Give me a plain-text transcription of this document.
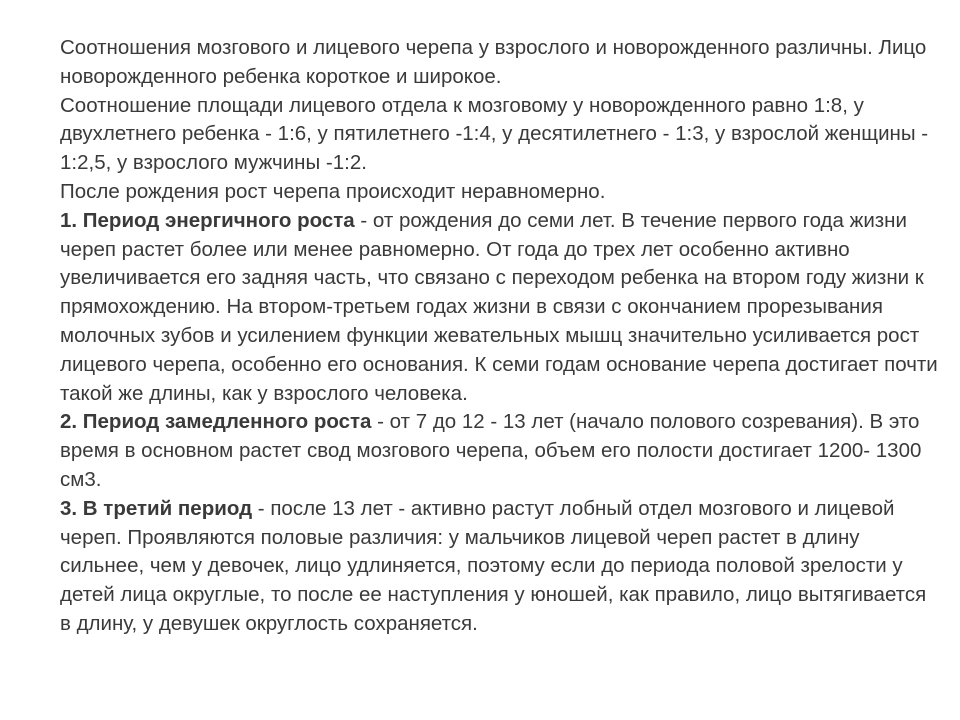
Соотношения мозгового и лицевого черепа у взрослого и новорожденного различны. Лицо новорожденного ребенка короткое и широкое.

Соотношение площади лицевого отдела к мозговому у новорожденного равно 1:8, у двухлетнего ребенка - 1:6, у пятилетнего -1:4, у десятилетнего - 1:3, у взрослой женщины - 1:2,5, у взрослого мужчины -1:2.

После рождения рост черепа происходит неравномерно.

1. Период энергичного роста - от рождения до семи лет. В течение первого года жизни череп растет более или менее равномерно. От года до трех лет особенно активно увеличивается его задняя часть, что связано с переходом ребенка на втором году жизни к прямохождению. На втором-третьем годах жизни в связи с окончанием прорезывания молочных зубов и усилением функции жевательных мышц значительно усиливается рост лицевого черепа, особенно его основания. К семи годам основание черепа достигает почти такой же длины, как у взрослого человека.

2. Период замедленного роста - от 7 до 12 - 13 лет (начало полового созревания). В это время в основном растет свод мозгового черепа, объем его полости достигает 1200- 1300 см3.

3. В третий период - после 13 лет - активно растут лобный отдел мозгового и лицевой череп. Проявляются половые различия: у мальчиков лицевой череп растет в длину сильнее, чем у девочек, лицо удлиняется, поэтому если до периода половой зрелости у детей лица округлые, то после ее наступления у юношей, как правило, лицо вытягивается в длину, у девушек округлость сохраняется.
